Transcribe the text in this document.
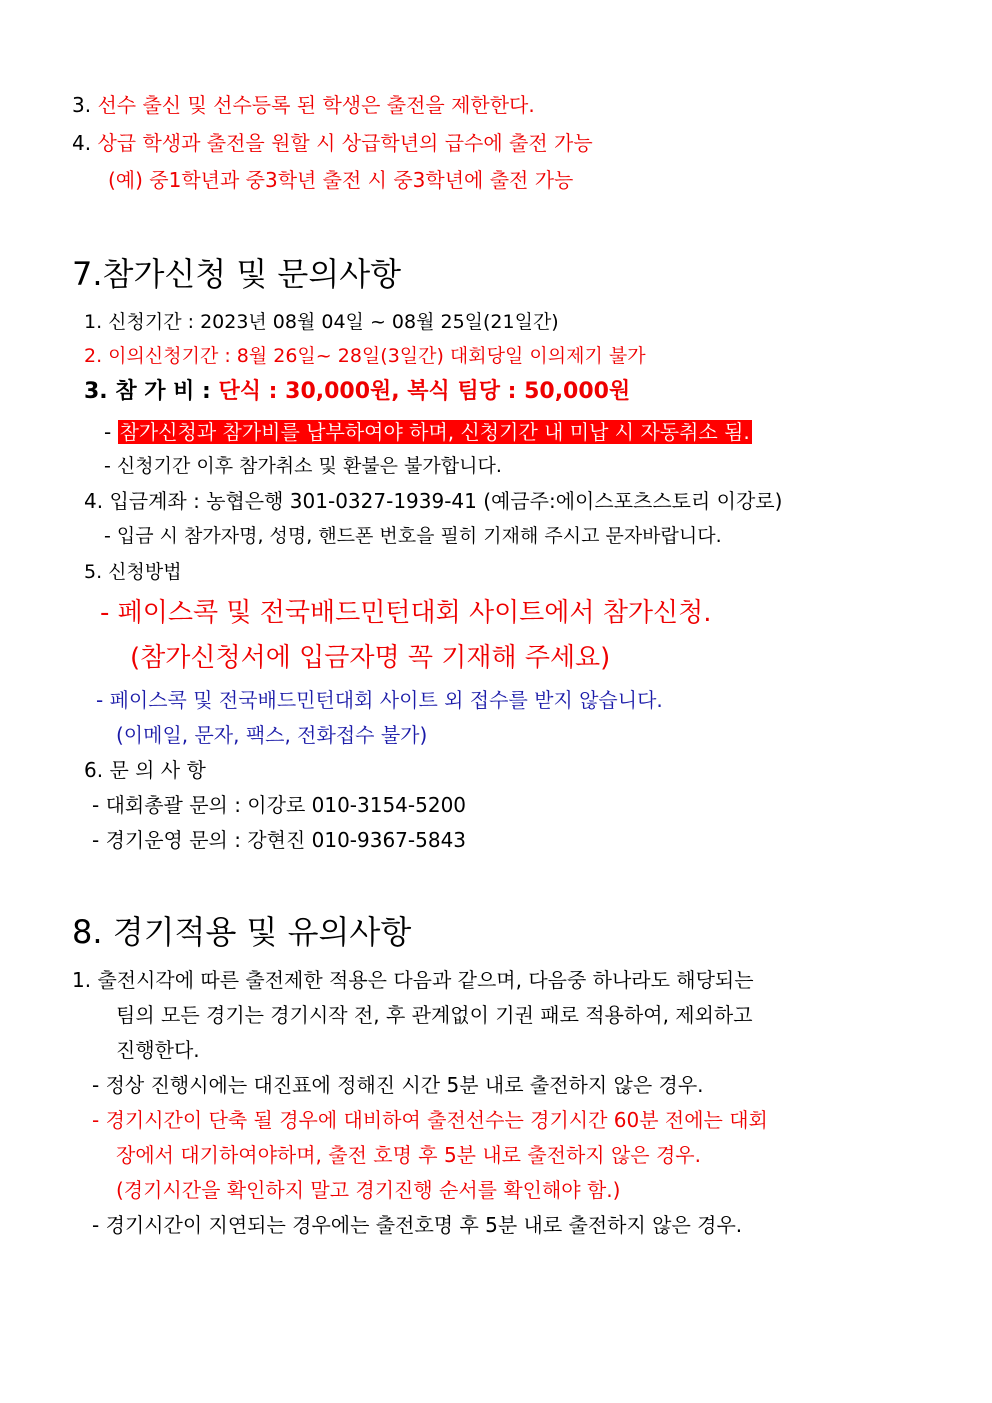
3. 선수 출신 및 선수등록 된 학생은 출전을 제한한다.
4. 상급 학생과 출전을 원할 시 상급학년의 급수에 출전 가능
(예) 중1학년과 중3학년 출전 시 중3학년에 출전 가능
7.참가신청 및 문의사항
1. 신청기간 : 2023년 08월 04일 ~ 08월 25일(21일간)
2. 이의신청기간 : 8월 26일~ 28일(3일간) 대회당일 이의제기 불가
3. 참 가 비 : 단식 : 30,000원, 복식 팀당 : 50,000원
- 참가신청과 참가비를 납부하여야 하며, 신청기간 내 미납 시 자동취소 됨.
- 신청기간 이후 참가취소 및 환불은 불가합니다.
4. 입금계좌 : 농협은행 301-0327-1939-41 (예금주:에이스포츠스토리 이강로)
- 입금 시 참가자명, 성명, 핸드폰 번호을 필히 기재해 주시고 문자바랍니다.
5. 신청방법
- 페이스콕 및 전국배드민턴대회 사이트에서 참가신청.
(참가신청서에 입금자명 꼭 기재해 주세요)
- 페이스콕 및 전국배드민턴대회 사이트 외 접수를 받지 않습니다.
(이메일, 문자, 팩스, 전화접수 불가)
6. 문 의 사 항
- 대회총괄 문의 : 이강로 010-3154-5200
- 경기운영 문의 : 강현진 010-9367-5843
8. 경기적용 및 유의사항
1. 출전시각에 따른 출전제한 적용은 다음과 같으며, 다음중 하나라도 해당되는
팀의 모든 경기는 경기시작 전, 후 관계없이 기권 패로 적용하여, 제외하고
진행한다.
- 정상 진행시에는 대진표에 정해진 시간 5분 내로 출전하지 않은 경우.
- 경기시간이 단축 될 경우에 대비하여 출전선수는 경기시간 60분 전에는 대회
장에서 대기하여야하며, 출전 호명 후 5분 내로 출전하지 않은 경우.
(경기시간을 확인하지 말고 경기진행 순서를 확인해야 함.)
- 경기시간이 지연되는 경우에는 출전호명 후 5분 내로 출전하지 않은 경우.
